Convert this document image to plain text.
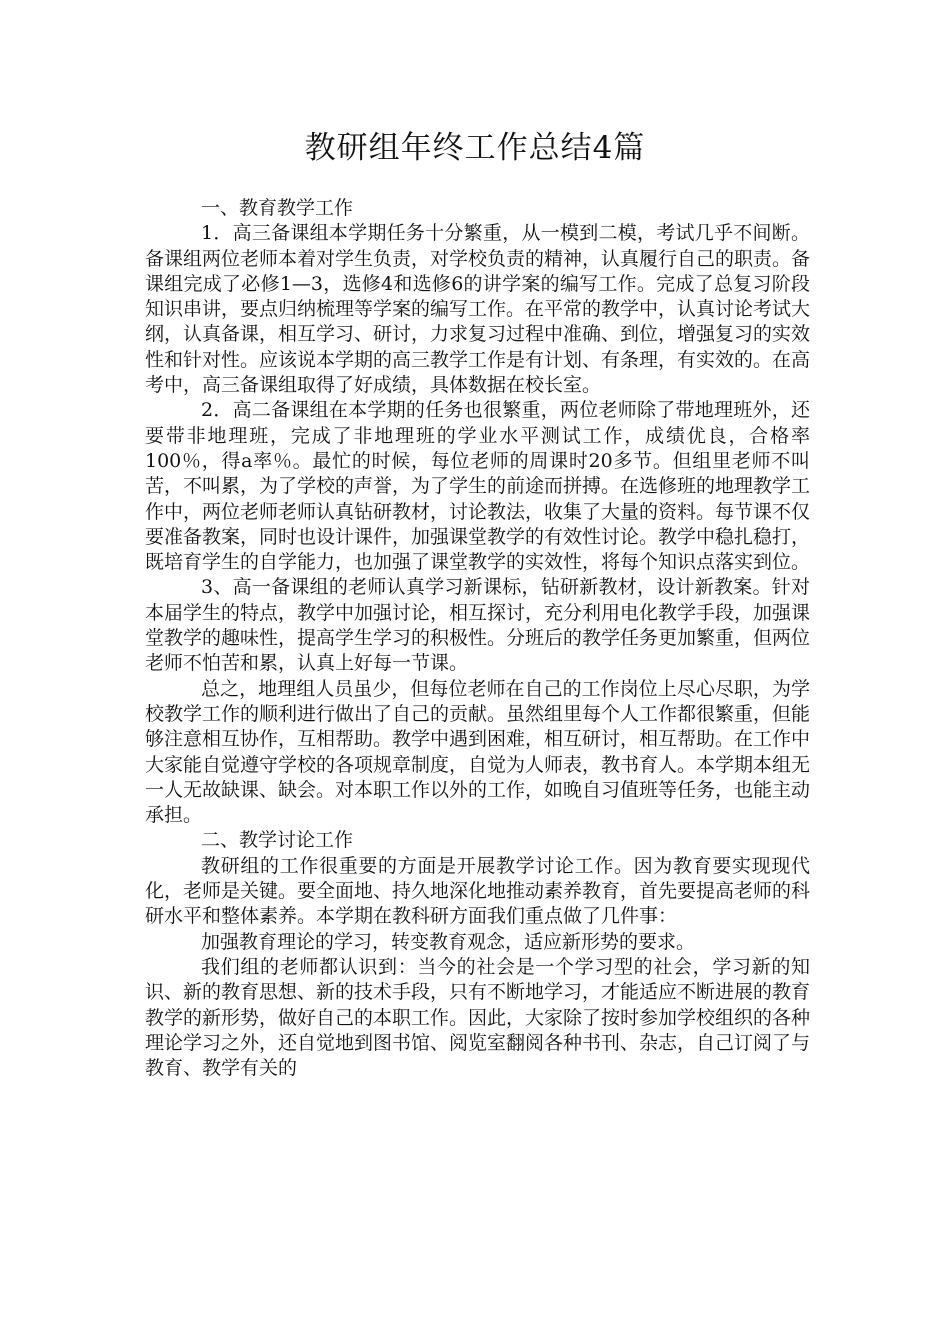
教研组年终工作总结4篇

一、教育教学工作

1．高三备课组本学期任务十分繁重，从一模到二模，考试几乎不间断。备课组两位老师本着对学生负责，对学校负责的精神，认真履行自己的职责。备课组完成了必修1—3，选修4和选修6的讲学案的编写工作。完成了总复习阶段知识串讲，要点归纳梳理等学案的编写工作。在平常的教学中，认真讨论考试大纲，认真备课，相互学习、研讨，力求复习过程中准确、到位，增强复习的实效性和针对性。应该说本学期的高三教学工作是有计划、有条理，有实效的。在高考中，高三备课组取得了好成绩，具体数据在校长室。

2．高二备课组在本学期的任务也很繁重，两位老师除了带地理班外，还要带非地理班，完成了非地理班的学业水平测试工作，成绩优良，合格率100％，得a率％。最忙的时候，每位老师的周课时20多节。但组里老师不叫苦，不叫累，为了学校的声誉，为了学生的前途而拼搏。在选修班的地理教学工作中，两位老师老师认真钻研教材，讨论教法，收集了大量的资料。每节课不仅要准备教案，同时也设计课件，加强课堂教学的有效性讨论。教学中稳扎稳打，既培育学生的自学能力，也加强了课堂教学的实效性，将每个知识点落实到位。

3、高一备课组的老师认真学习新课标，钻研新教材，设计新教案。针对本届学生的特点，教学中加强讨论，相互探讨，充分利用电化教学手段，加强课堂教学的趣味性，提高学生学习的积极性。分班后的教学任务更加繁重，但两位老师不怕苦和累，认真上好每一节课。

总之，地理组人员虽少，但每位老师在自己的工作岗位上尽心尽职，为学校教学工作的顺利进行做出了自己的贡献。虽然组里每个人工作都很繁重，但能够注意相互协作，互相帮助。教学中遇到困难，相互研讨，相互帮助。在工作中大家能自觉遵守学校的各项规章制度，自觉为人师表，教书育人。本学期本组无一人无故缺课、缺会。对本职工作以外的工作，如晚自习值班等任务，也能主动承担。

二、教学讨论工作

教研组的工作很重要的方面是开展教学讨论工作。因为教育要实现现代化，老师是关键。要全面地、持久地深化地推动素养教育，首先要提高老师的科研水平和整体素养。本学期在教科研方面我们重点做了几件事：

加强教育理论的学习，转变教育观念，适应新形势的要求。

我们组的老师都认识到：当今的社会是一个学习型的社会，学习新的知识、新的教育思想、新的技术手段，只有不断地学习，才能适应不断进展的教育教学的新形势，做好自己的本职工作。因此，大家除了按时参加学校组织的各种理论学习之外，还自觉地到图书馆、阅览室翻阅各种书刊、杂志，自己订阅了与教育、教学有关的
